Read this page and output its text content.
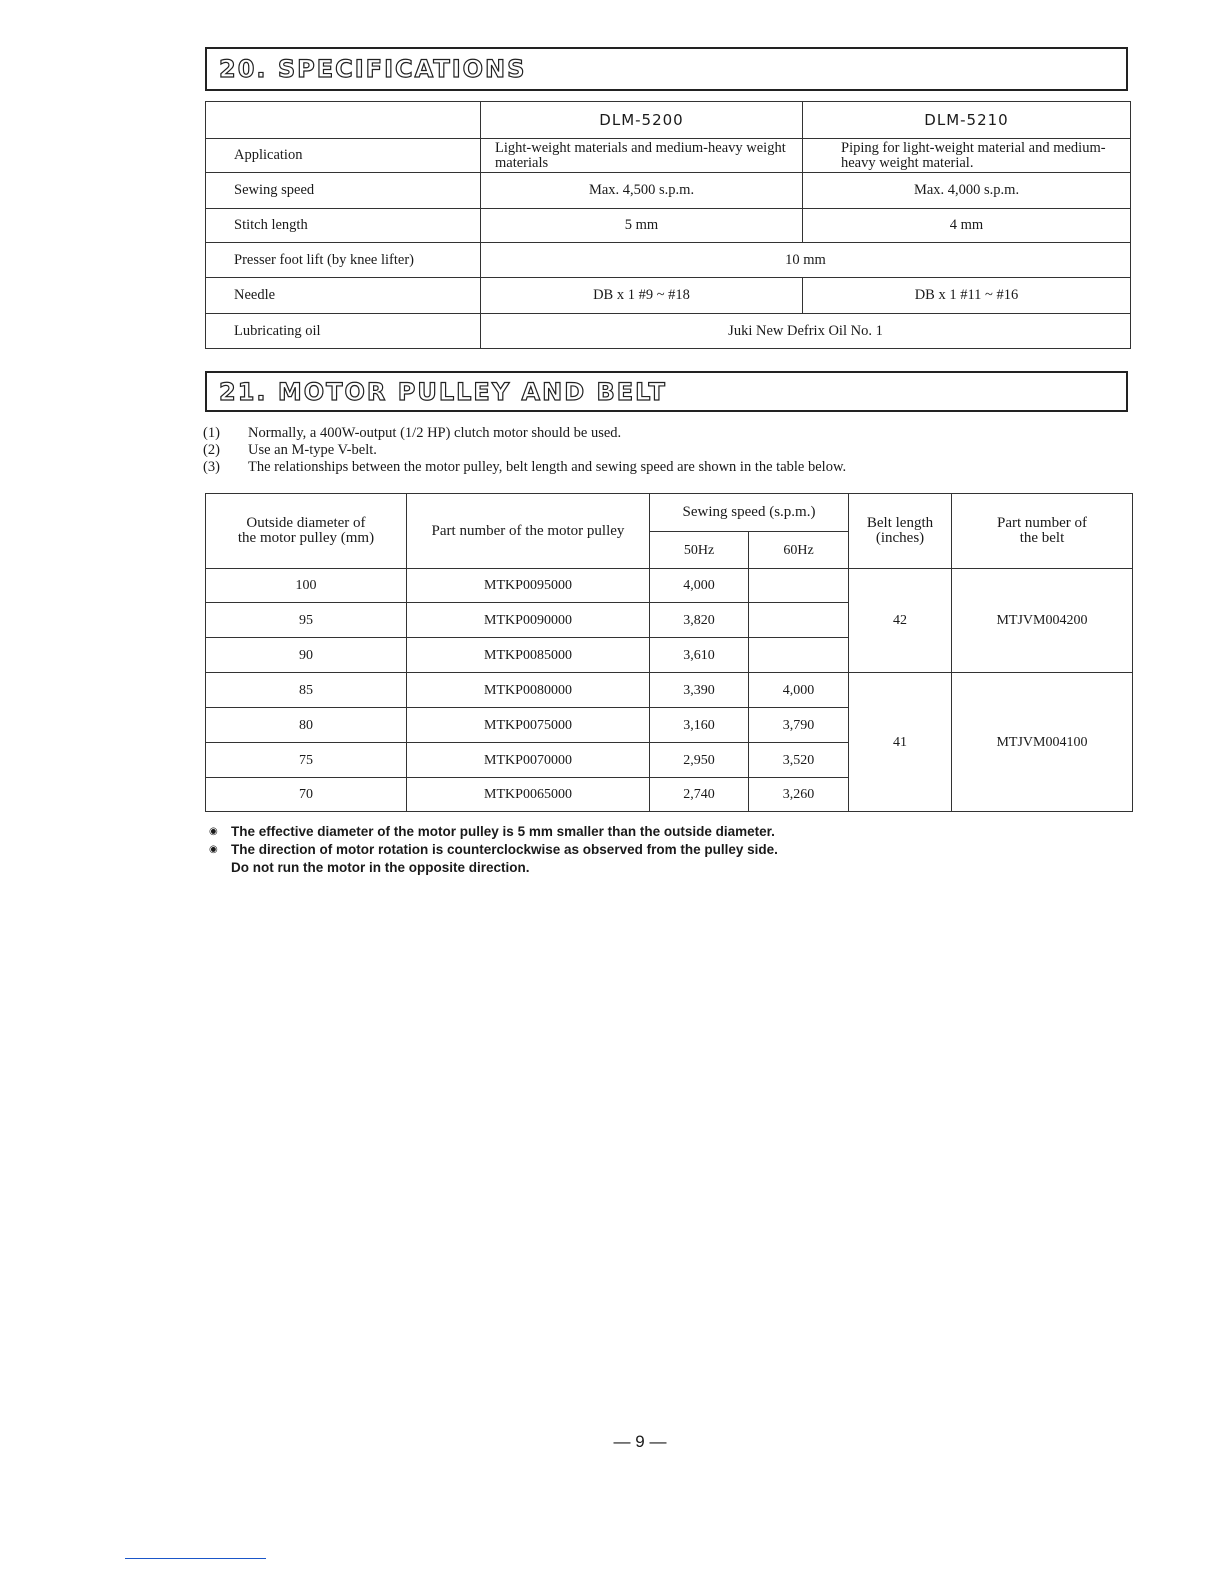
20. SPECIFICATIONS
	DLM-5200	DLM-5210
Application	Light-weight materials and medium-heavy weight materials	Piping for light-weight material and medium-heavy weight material.
Sewing speed	Max. 4,500 s.p.m.	Max. 4,000 s.p.m.
Stitch length	5 mm	4 mm
Presser foot lift (by knee lifter)	10 mm	
Needle	DB x 1 #9 ~ #18	DB x 1 #11 ~ #16
Lubricating oil	Juki New Defrix Oil No. 1	
21. MOTOR PULLEY AND BELT
(1)	Normally, a 400W-output (1/2 HP) clutch motor should be used.
(2)	Use an M-type V-belt.
(3)	The relationships between the motor pulley, belt length and sewing speed are shown in the table below.
Outside diameter of the motor pulley (mm)	Part number of the motor pulley	Sewing speed (s.p.m.)		Belt length (inches)	Part number of the belt
		50Hz	60Hz		
100	MTKP0095000	4,000		42	MTJVM004200
95	MTKP0090000	3,820			
90	MTKP0085000	3,610			
85	MTKP0080000	3,390	4,000	41	MTJVM004100
80	MTKP0075000	3,160	3,790		
75	MTKP0070000	2,950	3,520		
70	MTKP0065000	2,740	3,260		
◉ The effective diameter of the motor pulley is 5 mm smaller than the outside diameter.
◉ The direction of motor rotation is counterclockwise as observed from the pulley side.
Do not run the motor in the opposite direction.
— 9 —
